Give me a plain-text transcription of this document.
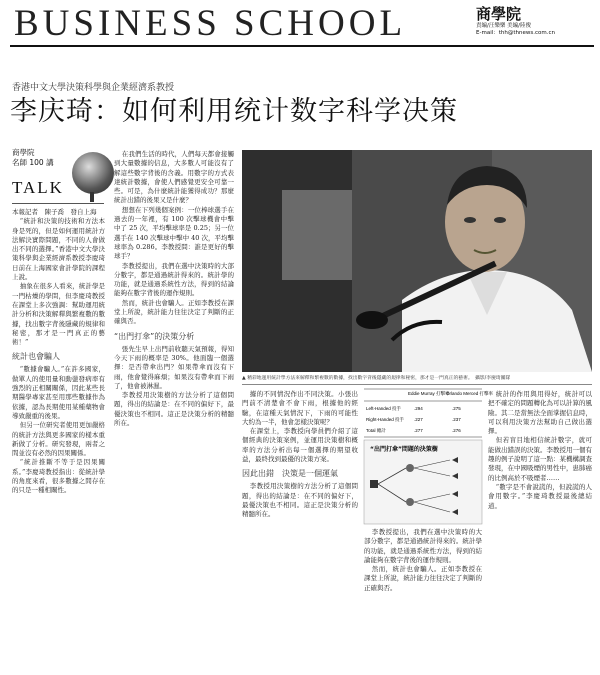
BUSINESS SCHOOL	商學院
責編/汪樂樂 美編/陸俊
E-mail：thh@thnews.com.cn
香港中文大學決策科學與企業經濟系教授
李庆琦：如何利用统计数字科学决策
商學院
名師 100 講
TALK

本報記者　陳子喬　發自上海

“統計和決策的技術和方法本身是死的，但是如何運用統計方法解決實際問題，不同的人會做出不同的選擇。”香港中文大學決策科學與企業經濟系教授李慶琦日前在上海國家會計學院的課程上說。

抽象在很多人看來，統計學是一門枯燥的學問，但李慶琦教授在課堂上多次強調：幫助運用統計分析和決策解釋與繁複數的數據，找出數字背後隱藏的規律和秘密，那才是一門真正的藝術！”

統計也會騙人

“數據會騙人。”在許多國家，做單人的使用量和動盪發病率有強烈的正相關關係，因此某些長期醫學專家甚至用那些數據作為依據，認為長期使用某種藥物會導致嚴重的後果。

但另一位研究者使用更加嚴格的統計方法與更多國家的樣本重新做了分析。研究發現，兩者之間並沒有必然的因果關係。

“統計推斷不等于是因果關系。”李慶琦教授指出：從統計學的角度來看，很多數據之間存在的只是一種相關性。

在我們生活的時代，人們每天都會接觸到大量數據的信息，大多數人可能沒有了解這些數字背後的含義。用數字的方式表達統計數據，會使人們感覺更安全可靠一些。可是，為什麼統計能獲得成功？那麼統計出錯的後果又是什麼？

想想在下列幾個案例：一位棒球選手在過去的一年裡，有 100 次擊球機會中擊中了 25 次，平均擊球率是 0.25；另一位選手在 140 次擊球中擊中 40 次，平均擊球率為 0.286。李教授問：誰是更好的擊球手？

李教授提出，我們在選中決策時的大部分數字，都是通過統計得來的。統計學的功能，就是通過系統性方法，得到的結論能夠在數字背後的運作規則。

然而，統計也會騙人。正如李教授在課堂上所說，統計能力往往決定了判斷的正確與否。

“出門打傘”的決策分析

張先生早上出門前收聽天氣預報，得知今天下雨的概率是 30%。他面臨一個選擇：是否帶傘出門？如果帶傘而沒有下雨，他會覺得麻煩；如果沒有帶傘而下雨了，他會被淋濕。

李教授用決策樹的方法分析了這個問題，得出的結論是：在不同的偏好下，最優決策也不相同。這正是決策分析的精髓所在。

▲ 精彩地運用統計學方法來解釋和繁複數的數據，找出數字背後隱藏的規律和秘密，那才是一門真正的藝術。　攝影/李慶琦團隊

據的不同情況作出不同決策。小張出門前不清楚會不會下雨，根據他的經驗，在這種天氣情況下，下雨的可能性大約為一半，他會怎樣決策呢？

在課堂上，李教授向學員們介紹了這個經典的決策案例，並運用決策樹和概率的方法分析出每一個選擇的期望收益，最終找到最優的決策方案。

因此出錯　決策是一個運氣

李教授用決策樹的方法分析了這個問題，得出的結論是：在不同的偏好下，最優決策也不相同。這正是決策分析的精髓所在。

Eddie Murray 打擊率
Orlando Merced 打擊率
Left-Handed 投手	.294	.275
Right-Handed 投手 .227	.237
Total 總計	.277	.276
“出門打傘”問題的決策樹

統計的作用與用得好，統計可以把不確定的問題轉化為可以計算的風險。其二是當無法全面掌握信息時，可以利用決策方法幫助自己做出選擇。

但若盲目地相信統計數字，就可能做出錯誤的決策。李教授用一個有趣的例子說明了這一點：某機構調查發現，在中國吸煙的男性中，患肺癌的比例高於不吸煙者……

“數字是不會說謊的，但說謊的人會用數字。”李慶琦教授最後總結道。

李教授提出，我們在選中決策時的大部分數字，都是通過統計得來的。統計學的功能，就是通過系統性方法，得到的結論能夠在數字背後的運作規則。

然而，統計也會騙人。正如李教授在課堂上所說，統計能力往往決定了判斷的正確與否。
